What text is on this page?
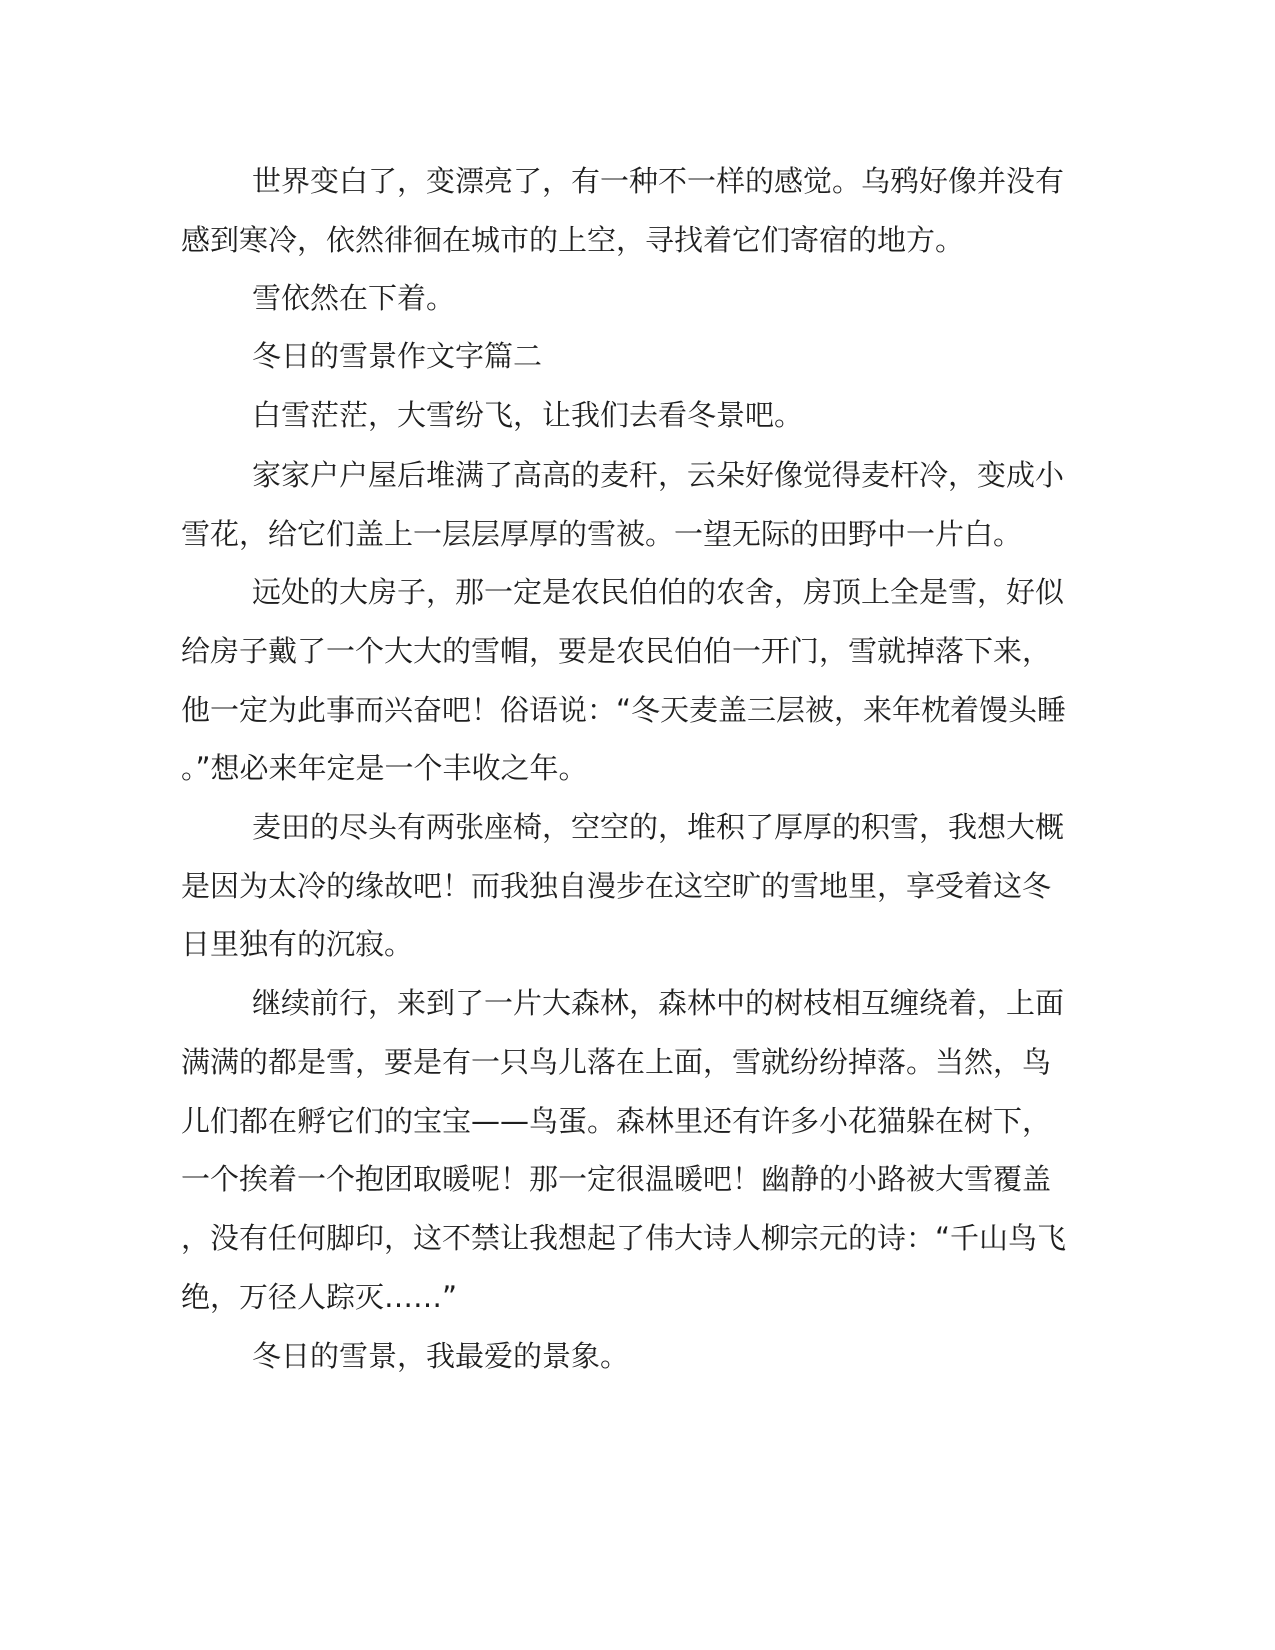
世界变白了，变漂亮了，有一种不一样的感觉。乌鸦好像并没有
感到寒冷，依然徘徊在城市的上空，寻找着它们寄宿的地方。
雪依然在下着。
冬日的雪景作文字篇二
白雪茫茫，大雪纷飞，让我们去看冬景吧。
家家户户屋后堆满了高高的麦秆，云朵好像觉得麦杆冷，变成小
雪花，给它们盖上一层层厚厚的雪被。一望无际的田野中一片白。
远处的大房子，那一定是农民伯伯的农舍，房顶上全是雪，好似
给房子戴了一个大大的雪帽，要是农民伯伯一开门，雪就掉落下来，
他一定为此事而兴奋吧！俗语说：“冬天麦盖三层被，来年枕着馒头睡
。”想必来年定是一个丰收之年。
麦田的尽头有两张座椅，空空的，堆积了厚厚的积雪，我想大概
是因为太冷的缘故吧！而我独自漫步在这空旷的雪地里，享受着这冬
日里独有的沉寂。
继续前行，来到了一片大森林，森林中的树枝相互缠绕着，上面
满满的都是雪，要是有一只鸟儿落在上面，雪就纷纷掉落。当然，鸟
儿们都在孵它们的宝宝——鸟蛋。森林里还有许多小花猫躲在树下，
一个挨着一个抱团取暖呢！那一定很温暖吧！幽静的小路被大雪覆盖
，没有任何脚印，这不禁让我想起了伟大诗人柳宗元的诗：“千山鸟飞
绝，万径人踪灭……”
冬日的雪景，我最爱的景象。
